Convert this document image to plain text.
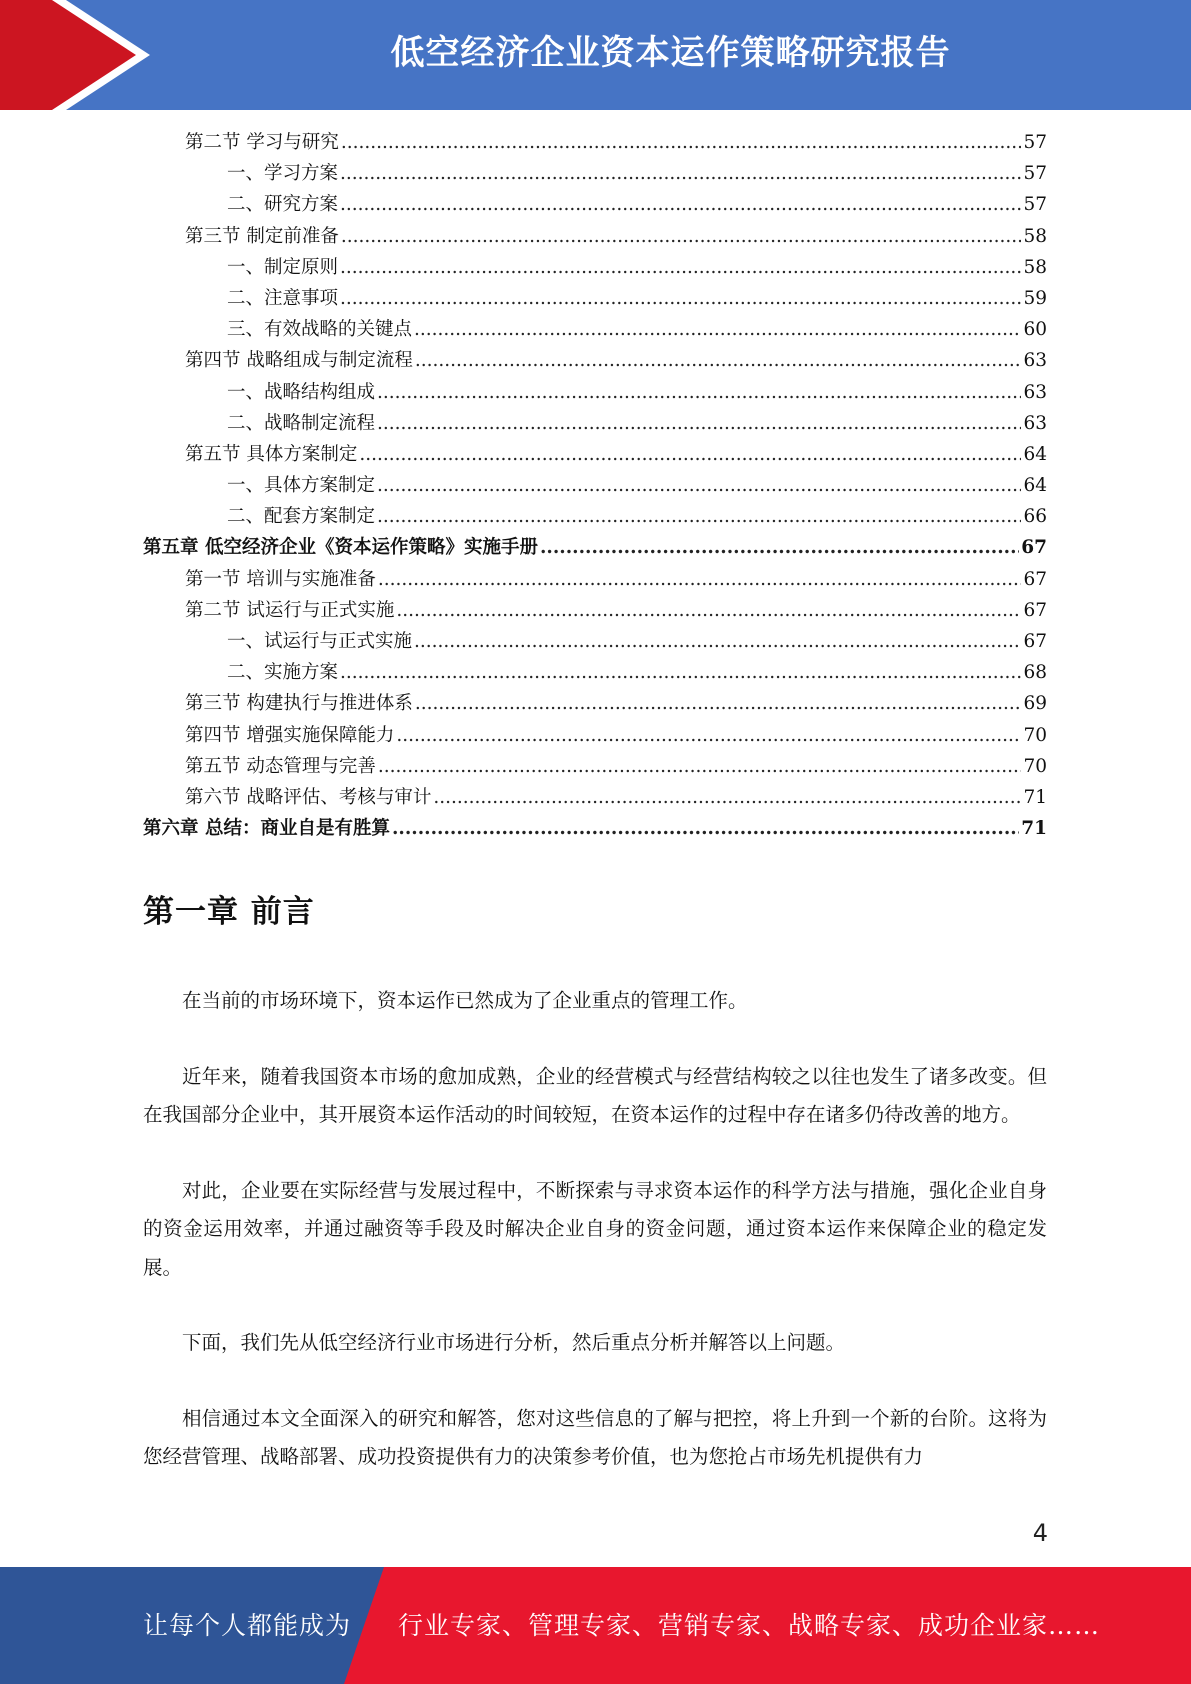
低空经济企业资本运作策略研究报告
第二节 学习与研究 .....	57
一、学习方案 .....	57
二、研究方案 .....	57
第三节 制定前准备 .....	58
一、制定原则 .....	58
二、注意事项 .....	59
三、有效战略的关键点 .....	60
第四节 战略组成与制定流程 .....	63
一、战略结构组成 .....	63
二、战略制定流程 .....	63
第五节 具体方案制定 .....	64
一、具体方案制定 .....	64
二、配套方案制定 .....	66
第五章 低空经济企业《资本运作策略》实施手册 .....	67
第一节 培训与实施准备 .....	67
第二节 试运行与正式实施 .....	67
一、试运行与正式实施 .....	67
二、实施方案 .....	68
第三节 构建执行与推进体系 .....	69
第四节 增强实施保障能力 .....	70
第五节 动态管理与完善 .....	70
第六节 战略评估、考核与审计 .....	71
第六章 总结：商业自是有胜算 .....	71
第一章 前言

在当前的市场环境下，资本运作已然成为了企业重点的管理工作。

近年来，随着我国资本市场的愈加成熟，企业的经营模式与经营结构较之以往也发生了诸多改变。但在我国部分企业中，其开展资本运作活动的时间较短，在资本运作的过程中存在诸多仍待改善的地方。

对此，企业要在实际经营与发展过程中，不断探索与寻求资本运作的科学方法与措施，强化企业自身的资金运用效率，并通过融资等手段及时解决企业自身的资金问题，通过资本运作来保障企业的稳定发展。

下面，我们先从低空经济行业市场进行分析，然后重点分析并解答以上问题。

相信通过本文全面深入的研究和解答，您对这些信息的了解与把控，将上升到一个新的台阶。这将为您经营管理、战略部署、成功投资提供有力的决策参考价值，也为您抢占市场先机提供有力

4
让每个人都能成为 行业专家、管理专家、营销专家、战略专家、成功企业家……
